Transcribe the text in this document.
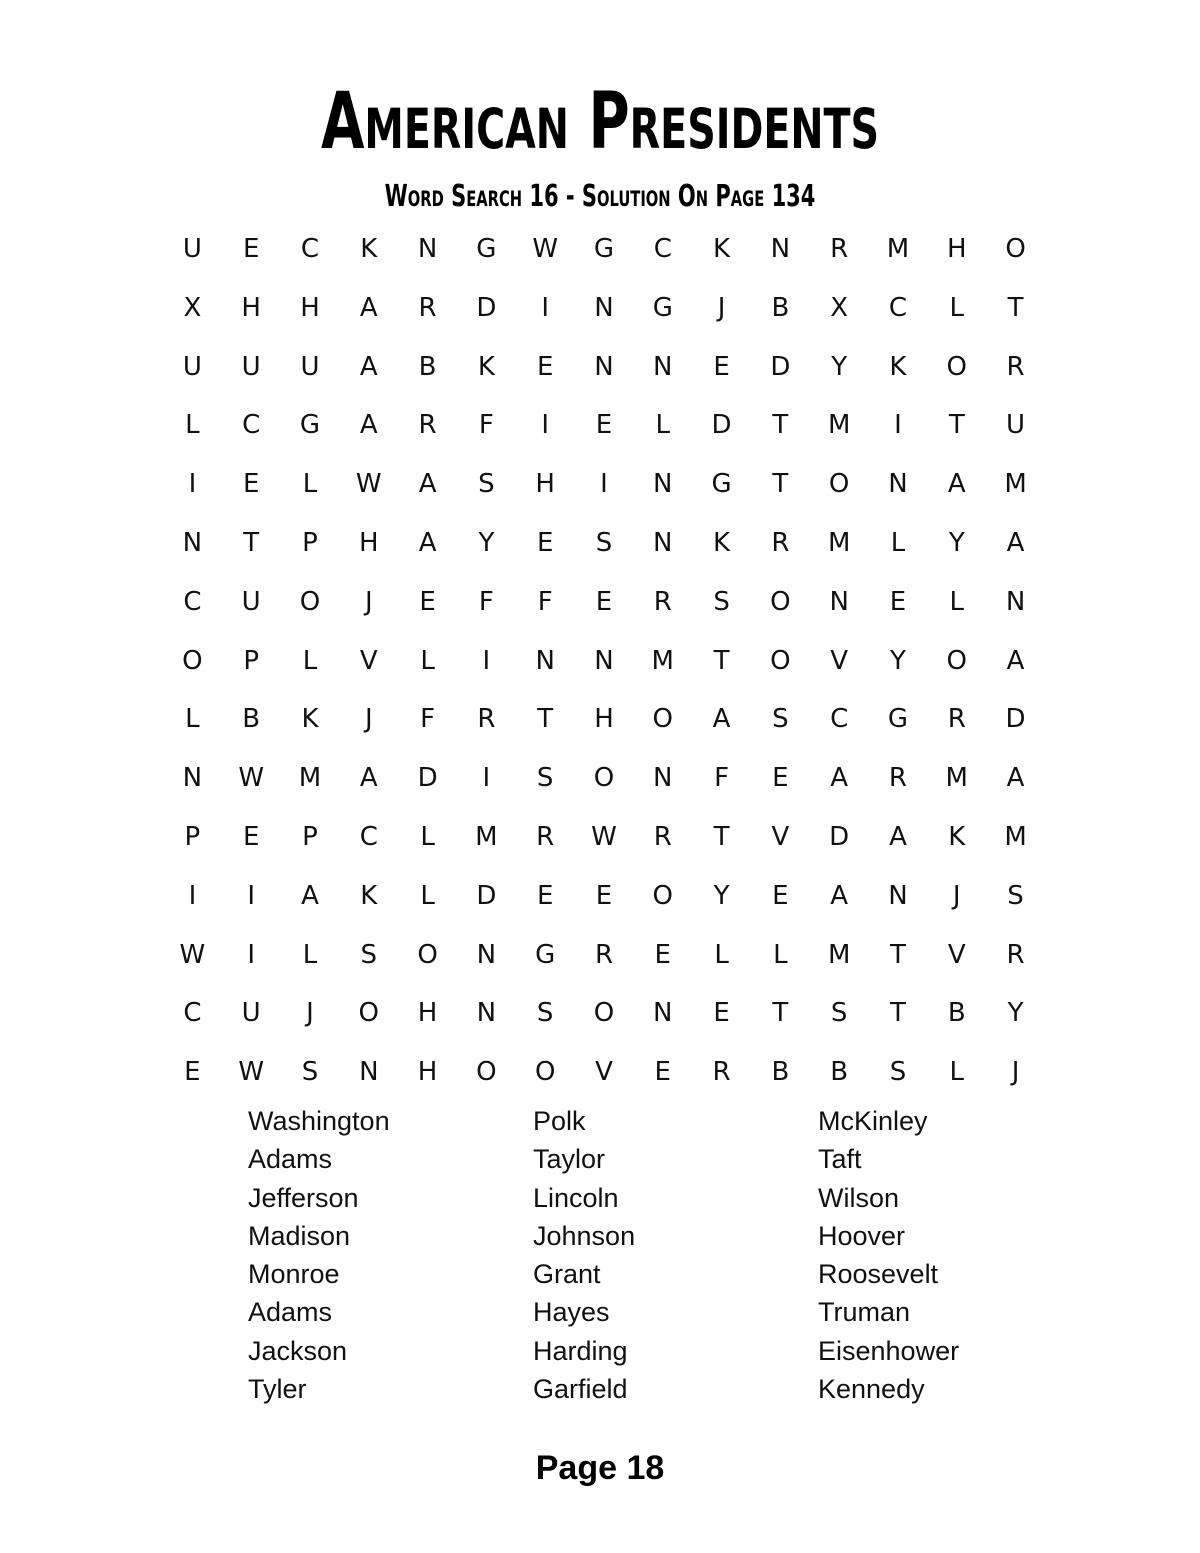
American Presidents
Word Search 16 - Solution On Page 134
U	E	C	K	N	G	W	G	C	K	N	R	M	H	O
X	H	H	A	R	D	I	N	G	J	B	X	C	L	T
U	U	U	A	B	K	E	N	N	E	D	Y	K	O	R
L	C	G	A	R	F	I	E	L	D	T	M	I	T	U
I	E	L	W	A	S	H	I	N	G	T	O	N	A	M
N	T	P	H	A	Y	E	S	N	K	R	M	L	Y	A
C	U	O	J	E	F	F	E	R	S	O	N	E	L	N
O	P	L	V	L	I	N	N	M	T	O	V	Y	O	A
L	B	K	J	F	R	T	H	O	A	S	C	G	R	D
N	W	M	A	D	I	S	O	N	F	E	A	R	M	A
P	E	P	C	L	M	R	W	R	T	V	D	A	K	M
I	I	A	K	L	D	E	E	O	Y	E	A	N	J	S
W	I	L	S	O	N	G	R	E	L	L	M	T	V	R
C	U	J	O	H	N	S	O	N	E	T	S	T	B	Y
E	W	S	N	H	O	O	V	E	R	B	B	S	L	J
Washington
Adams
Jefferson
Madison
Monroe
Adams
Jackson
Tyler
Polk
Taylor
Lincoln
Johnson
Grant
Hayes
Harding
Garfield
McKinley
Taft
Wilson
Hoover
Roosevelt
Truman
Eisenhower
Kennedy
Page 18
